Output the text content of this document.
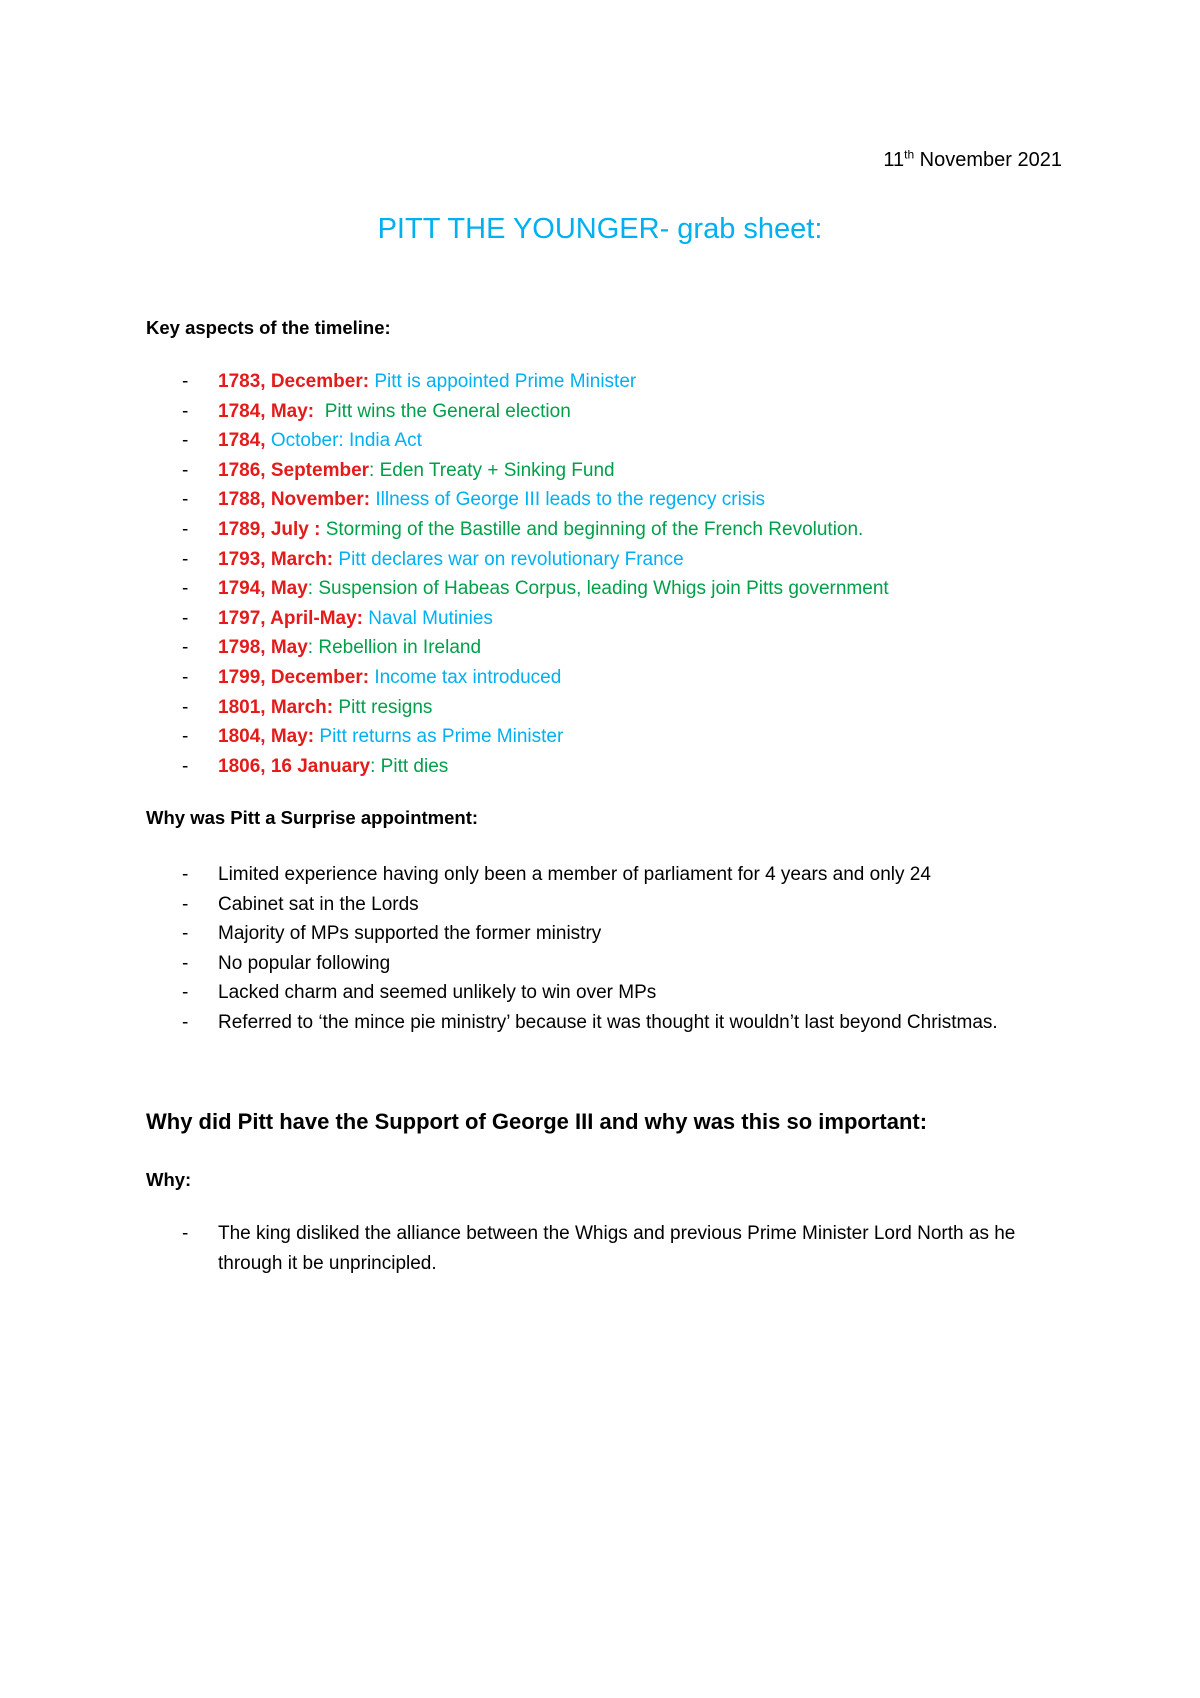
11th November 2021
PITT THE YOUNGER- grab sheet:
Key aspects of the timeline:
- 1783, December: Pitt is appointed Prime Minister
- 1784, May: Pitt wins the General election
- 1784, October: India Act
- 1786, September: Eden Treaty + Sinking Fund
- 1788, November: Illness of George III leads to the regency crisis
- 1789, July : Storming of the Bastille and beginning of the French Revolution.
- 1793, March: Pitt declares war on revolutionary France
- 1794, May: Suspension of Habeas Corpus, leading Whigs join Pitts government
- 1797, April-May: Naval Mutinies
- 1798, May: Rebellion in Ireland
- 1799, December: Income tax introduced
- 1801, March: Pitt resigns
- 1804, May: Pitt returns as Prime Minister
- 1806, 16 January: Pitt dies
Why was Pitt a Surprise appointment:
- Limited experience having only been a member of parliament for 4 years and only 24
- Cabinet sat in the Lords
- Majority of MPs supported the former ministry
- No popular following
- Lacked charm and seemed unlikely to win over MPs
- Referred to ‘the mince pie ministry’ because it was thought it wouldn’t last beyond Christmas.
Why did Pitt have the Support of George III and why was this so important:
Why:
- The king disliked the alliance between the Whigs and previous Prime Minister Lord North as he through it be unprincipled.
